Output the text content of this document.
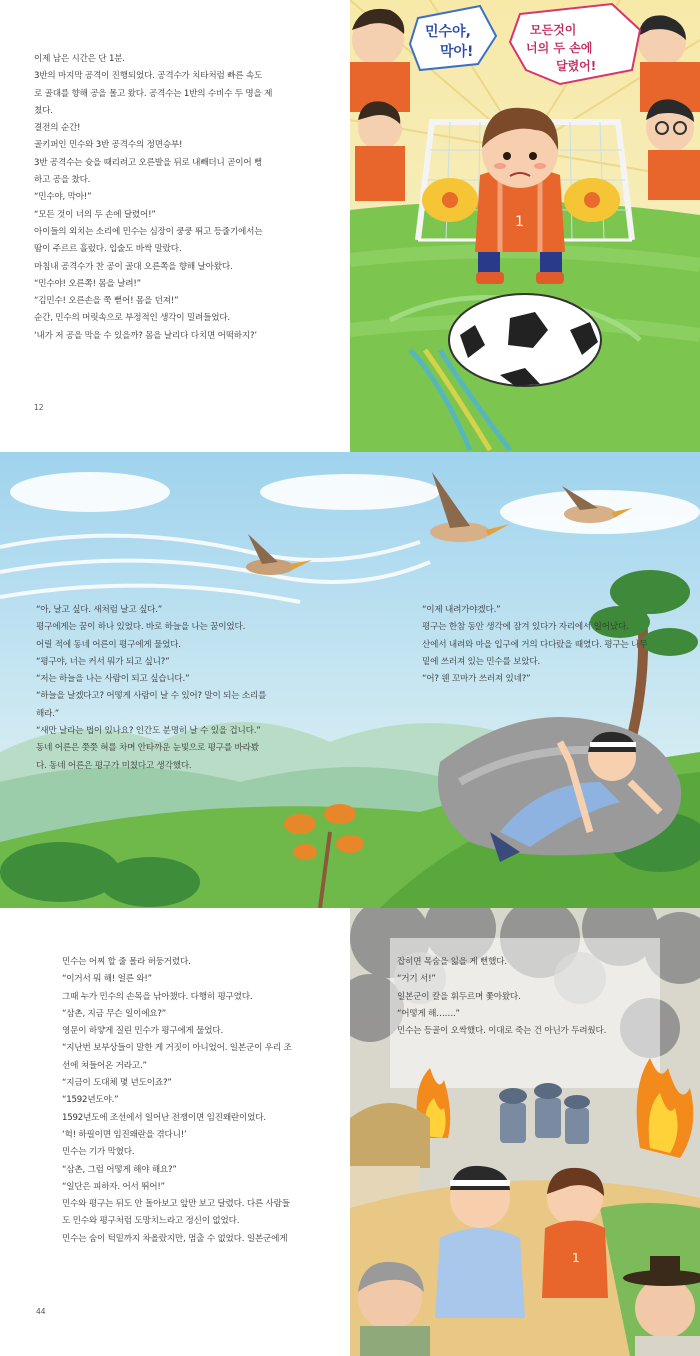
이제 남은 시간은 단 1분.

3반의 마지막 공격이 진행되었다. 공격수가 치타처럼 빠른 속도

로 골대를 향해 공을 몰고 왔다. 공격수는 1반의 수비수 두 명을 제

쳤다.

결전의 순간!

골키퍼인 민수와 3반 공격수의 정면승부!

3반 공격수는 슛을 때리려고 오른발을 뒤로 내빼더니 곧이어 뻥

하고 공을 찼다.

“민수야, 막아!”

“모든 것이 너의 두 손에 달렸어!”

아이들의 외치는 소리에 민수는 심장이 쿵쿵 뛰고 등줄기에서는

땀이 주르르 흘렀다. 입술도 바싹 말랐다.

마침내 공격수가 찬 공이 골대 오른쪽을 향해 날아왔다.

“민수야! 오른쪽! 몸을 날려!”

“김민수! 오른손을 쭉 뻗어! 몸을 던져!”

순간, 민수의 머릿속으로 부정적인 생각이 밀려들었다.

‘내가 저 공을 막을 수 있을까? 몸을 날리다 다치면 어떡하지?’

12
1
민수야,
막아!
모든것이
너의 두 손에
달렸어!

“아, 날고 싶다. 새처럼 날고 싶다.”

평구에게는 꿈이 하나 있었다. 바로 하늘을 나는 꿈이었다.

어릴 적에 동네 어른이 평구에게 물었다.

“평구야, 너는 커서 뭐가 되고 싶니?”

“저는 하늘을 나는 사람이 되고 싶습니다.”

“하늘을 날겠다고? 어떻게 사람이 날 수 있어? 말이 되는 소리를

해라.”

“새만 날라는 법이 있나요? 인간도 분명히 날 수 있을 겁니다.”

동네 어른은 쯧쯧 혀를 차며 안타까운 눈빛으로 평구를 바라봤

다. 동네 어른은 평구가 미쳤다고 생각했다.

“이제 내려가야겠다.”

평구는 한참 동안 생각에 잠겨 있다가 자리에서 일어났다.

산에서 내려와 마을 입구에 거의 다다랐을 때였다. 평구는 나무

밑에 쓰러져 있는 민수를 보았다.

“어? 웬 꼬마가 쓰러져 있네?”

민수는 어찌 할 줄 몰라 허둥거렸다.

“이거서 뭐 해! 얼른 와!”

그때 누가 민수의 손목을 낚아챘다. 다행히 평구였다.

“삼촌, 지금 무슨 일이에요?”

영문이 하얗게 질린 민수가 평구에게 물었다.

“지난번 보부상들이 말한 게 거짓이 아니었어. 일본군이 우리 조

선에 쳐들어온 거라고.”

“지금이 도대체 몇 년도이죠?”

“1592년도야.”

1592년도에 조선에서 일어난 전쟁이면 임진왜란이었다.

‘헉! 하필이면 임진왜란을 겪다니!’

민수는 기가 막혔다.

“삼촌, 그럼 어떻게 해야 해요?”

“일단은 피하자. 어서 뛰어!”

민수와 평구는 뒤도 안 돌아보고 앞만 보고 달렸다. 다른 사람들

도 민수와 평구처럼 도망치느라고 정신이 없었다.

민수는 숨이 턱밑까지 차올랐지만, 멈출 수 없었다. 일본군에게

44
1

잡히면 목숨을 잃을 게 뻔했다.

“거기 서!”

일본군이 칼을 휘두르며 쫓아왔다.

“어떻게 해…….”

민수는 등골이 오싹했다. 이대로 죽는 건 아닌가 두려웠다.
